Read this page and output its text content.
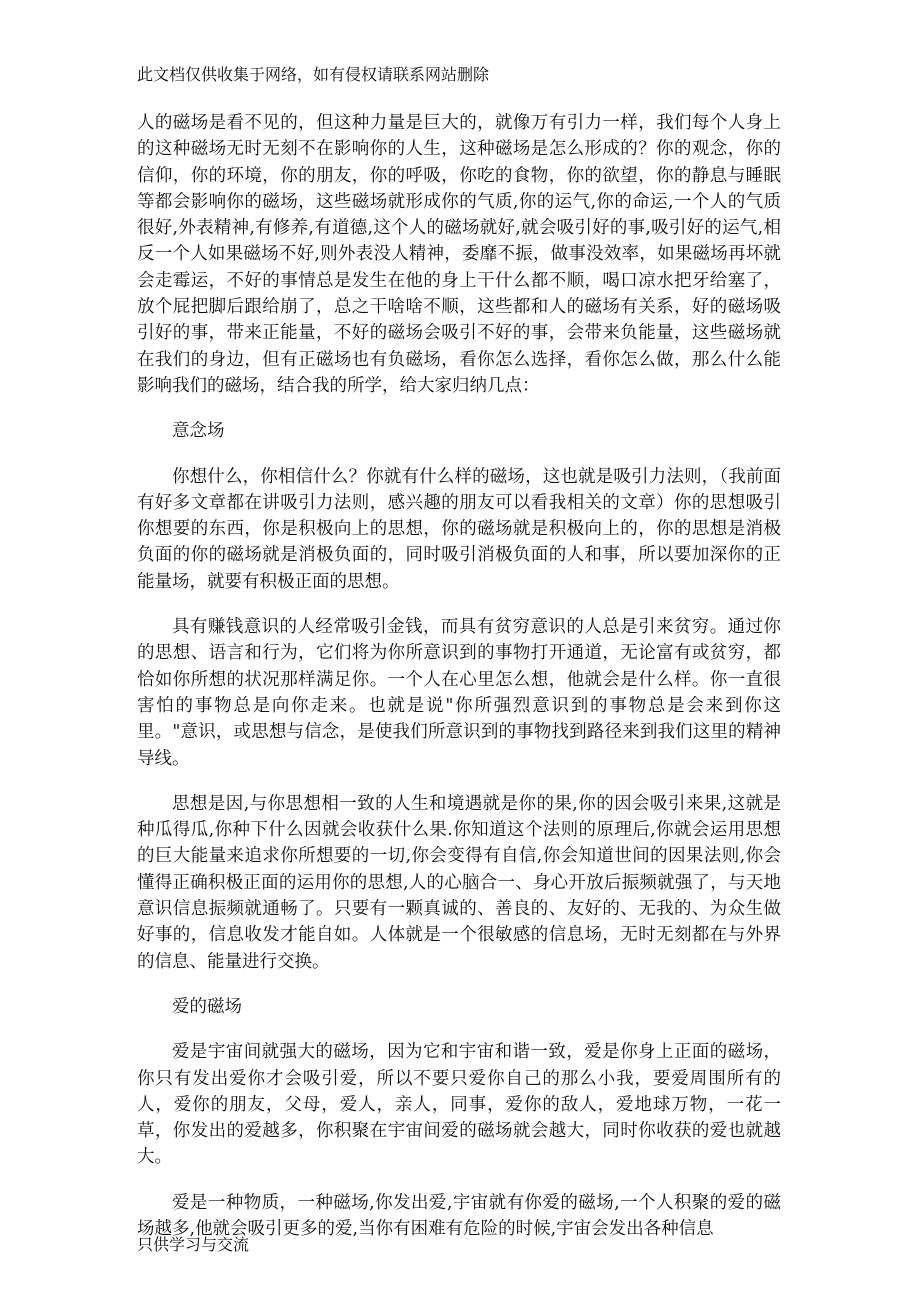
此文档仅供收集于网络，如有侵权请联系网站删除

人的磁场是看不见的，但这种力量是巨大的，就像万有引力一样，我们每个人身上的这种磁场无时无刻不在影响你的人生，这种磁场是怎么形成的？你的观念，你的信仰，你的环境，你的朋友，你的呼吸，你吃的食物，你的欲望，你的静息与睡眠等都会影响你的磁场，这些磁场就形成你的气质,你的运气,你的命运,一个人的气质很好,外表精神,有修养,有道德,这个人的磁场就好,就会吸引好的事,吸引好的运气,相反一个人如果磁场不好,则外表没人精神，委靡不振，做事没效率，如果磁场再坏就会走霉运，不好的事情总是发生在他的身上干什么都不顺，喝口凉水把牙给塞了，放个屁把脚后跟给崩了，总之干啥啥不顺，这些都和人的磁场有关系，好的磁场吸引好的事，带来正能量，不好的磁场会吸引不好的事，会带来负能量，这些磁场就在我们的身边，但有正磁场也有负磁场，看你怎么选择，看你怎么做，那么什么能影响我们的磁场，结合我的所学，给大家归纳几点：

意念场

你想什么，你相信什么？你就有什么样的磁场，这也就是吸引力法则，（我前面有好多文章都在讲吸引力法则，感兴趣的朋友可以看我相关的文章）你的思想吸引你想要的东西，你是积极向上的思想，你的磁场就是积极向上的，你的思想是消极负面的你的磁场就是消极负面的，同时吸引消极负面的人和事，所以要加深你的正能量场，就要有积极正面的思想。

具有赚钱意识的人经常吸引金钱，而具有贫穷意识的人总是引来贫穷。通过你的思想、语言和行为，它们将为你所意识到的事物打开通道，无论富有或贫穷，都恰如你所想的状况那样满足你。一个人在心里怎么想，他就会是什么样。你一直很害怕的事物总是向你走来。也就是说"你所强烈意识到的事物总是会来到你这里。"意识，或思想与信念，是使我们所意识到的事物找到路径来到我们这里的精神导线。

思想是因,与你思想相一致的人生和境遇就是你的果,你的因会吸引来果,这就是种瓜得瓜,你种下什么因就会收获什么果.你知道这个法则的原理后,你就会运用思想的巨大能量来追求你所想要的一切,你会变得有自信,你会知道世间的因果法则,你会懂得正确积极正面的运用你的思想,人的心脑合一、身心开放后振频就强了，与天地意识信息振频就通畅了。只要有一颗真诚的、善良的、友好的、无我的、为众生做好事的，信息收发才能自如。人体就是一个很敏感的信息场，无时无刻都在与外界的信息、能量进行交换。

爱的磁场

爱是宇宙间就强大的磁场，因为它和宇宙和谐一致，爱是你身上正面的磁场，你只有发出爱你才会吸引爱，所以不要只爱你自己的那么小我，要爱周围所有的人，爱你的朋友，父母，爱人，亲人，同事，爱你的敌人，爱地球万物，一花一草，你发出的爱越多，你积聚在宇宙间爱的磁场就会越大，同时你收获的爱也就越大。

爱是一种物质，一种磁场,你发出爱,宇宙就有你爱的磁场,一个人积聚的爱的磁场越多,他就会吸引更多的爱,当你有困难有危险的时候,宇宙会发出各种信息

只供学习与交流
